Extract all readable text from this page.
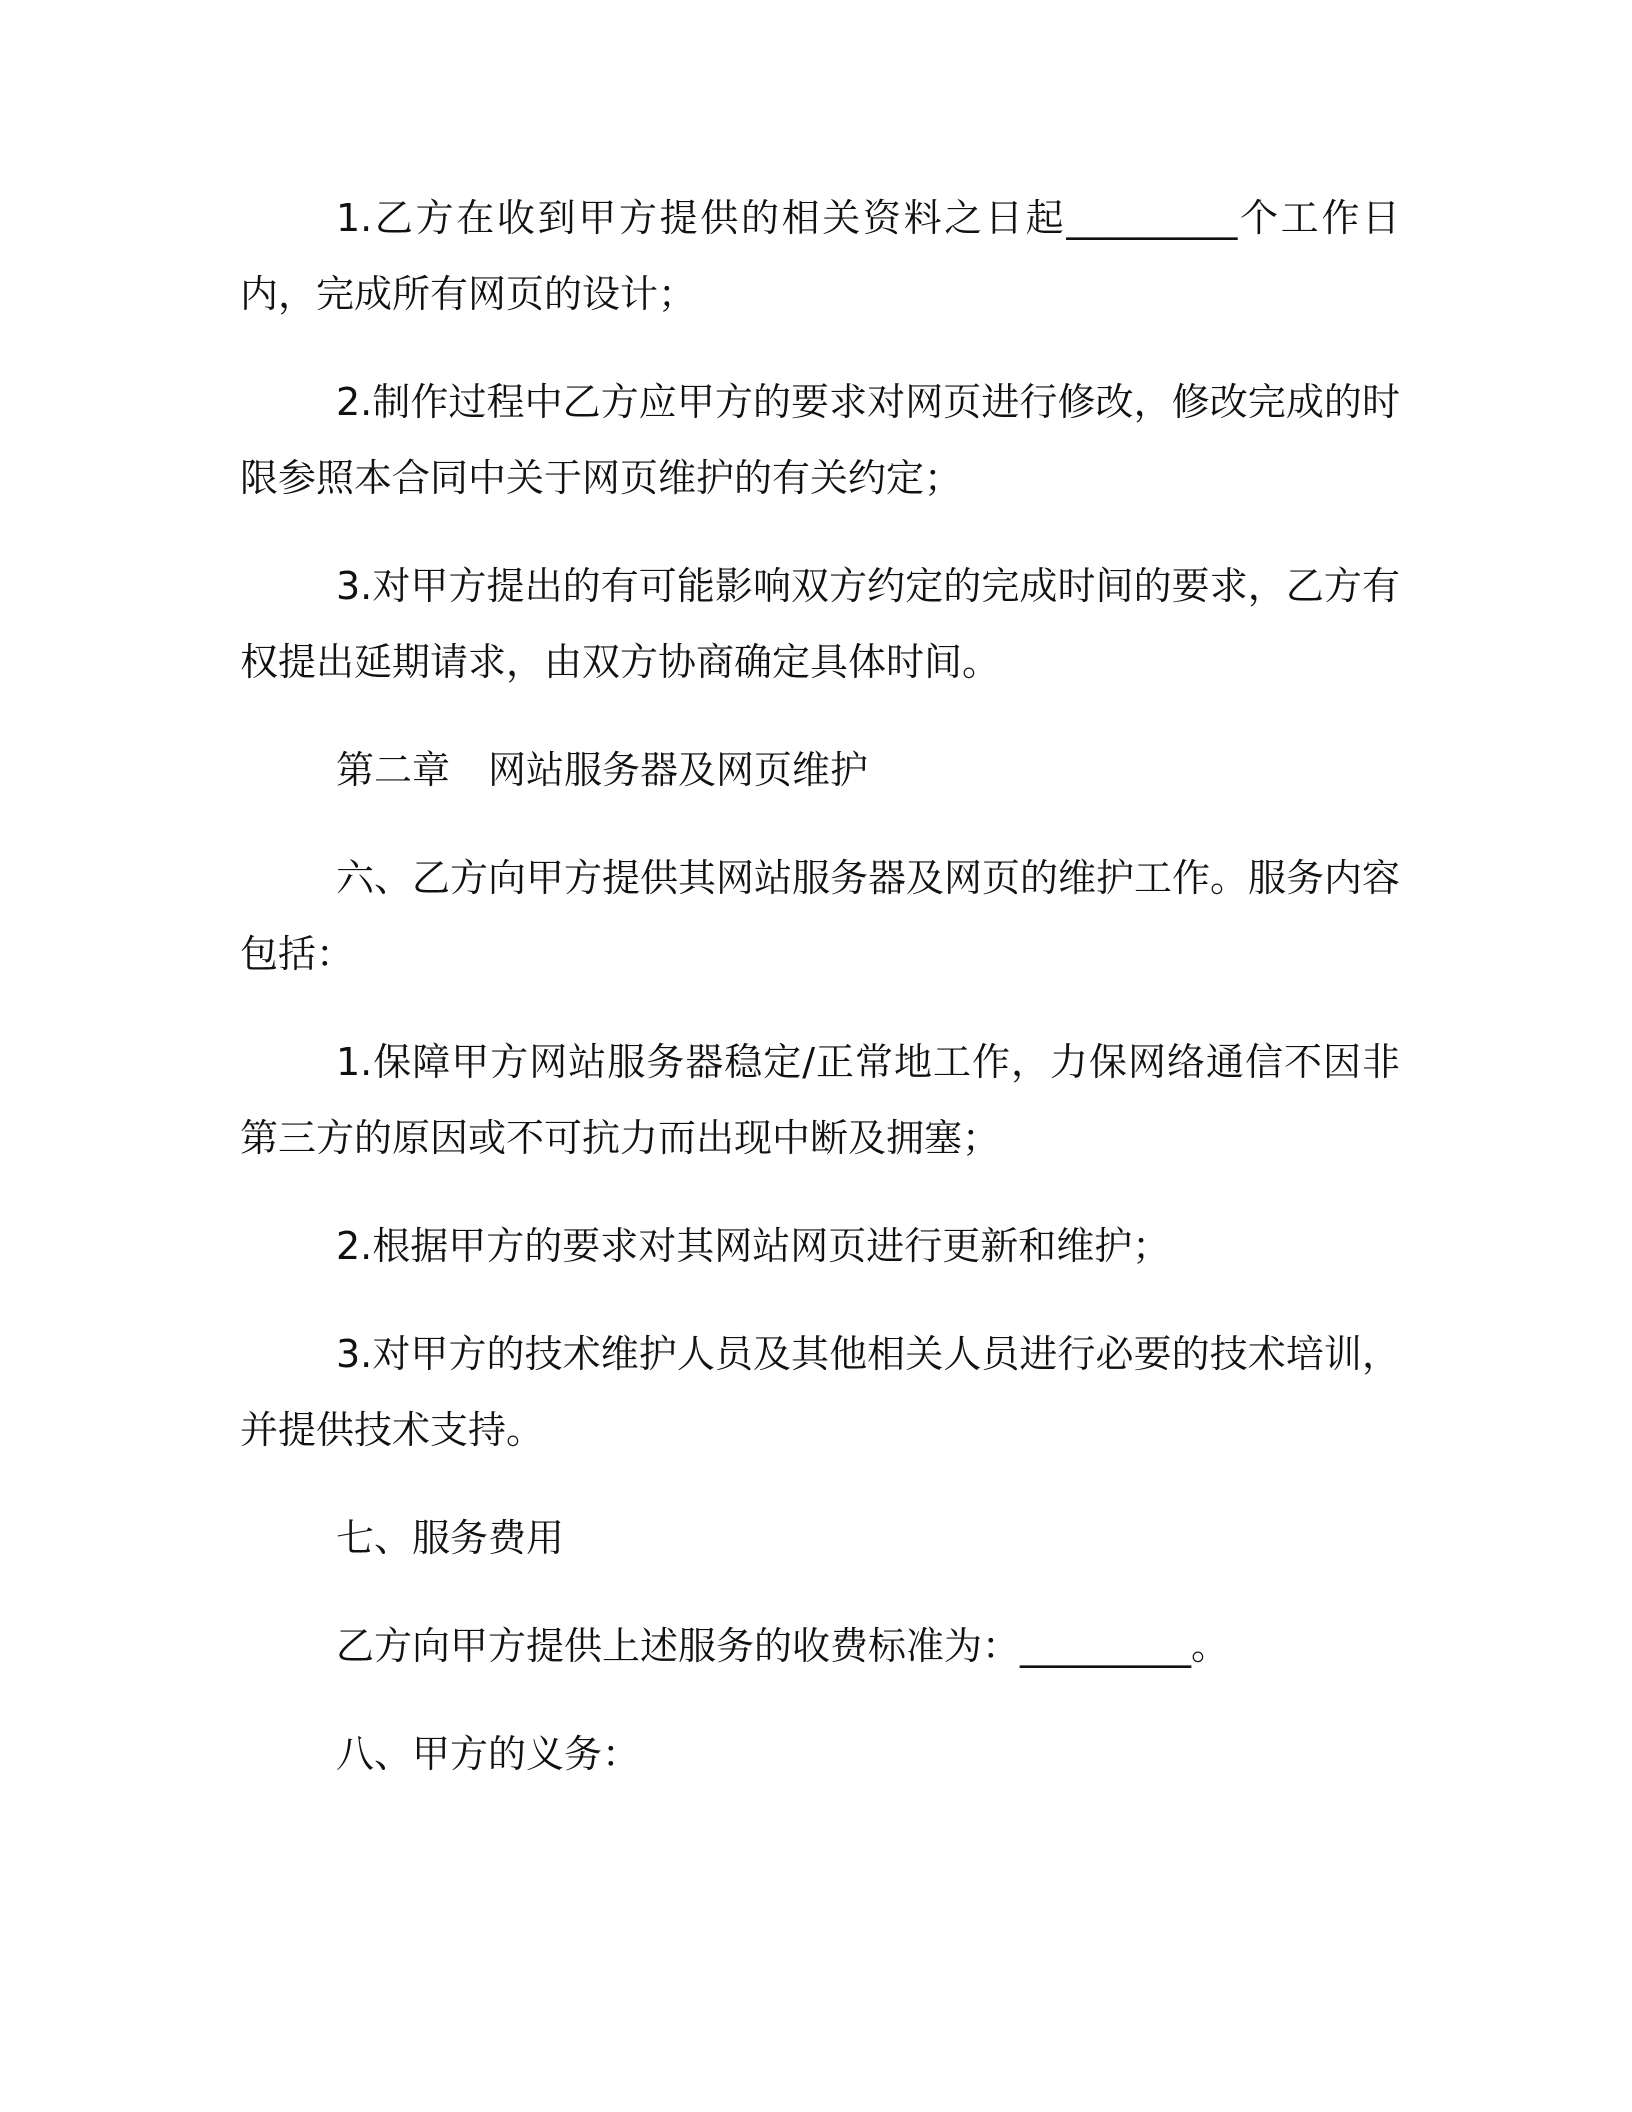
1.乙方在收到甲方提供的相关资料之日起_________个工作日内，完成所有网页的设计；

2.制作过程中乙方应甲方的要求对网页进行修改，修改完成的时限参照本合同中关于网页维护的有关约定；

3.对甲方提出的有可能影响双方约定的完成时间的要求，乙方有权提出延期请求，由双方协商确定具体时间。

第二章　网站服务器及网页维护

六、乙方向甲方提供其网站服务器及网页的维护工作。服务内容包括：

1.保障甲方网站服务器稳定/正常地工作，力保网络通信不因非第三方的原因或不可抗力而出现中断及拥塞；

2.根据甲方的要求对其网站网页进行更新和维护；

3.对甲方的技术维护人员及其他相关人员进行必要的技术培训，并提供技术支持。

七、服务费用

乙方向甲方提供上述服务的收费标准为：_________。

八、甲方的义务：
